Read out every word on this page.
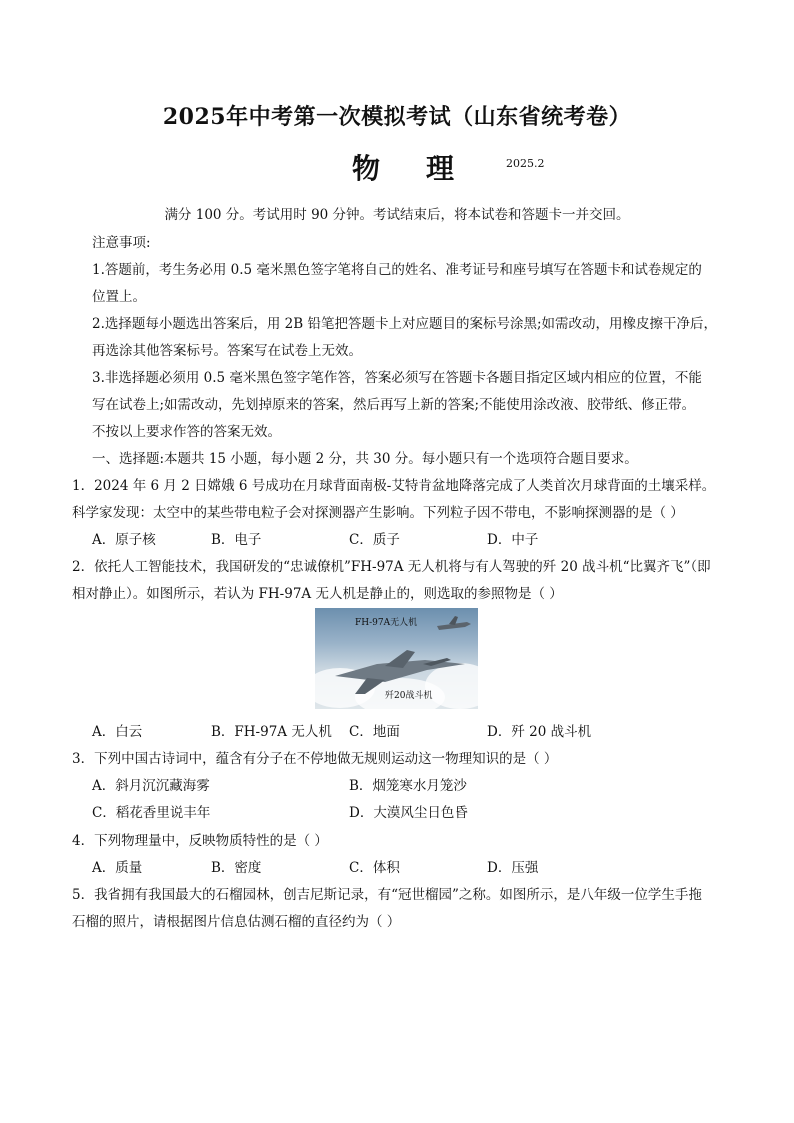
2025年中考第一次模拟考试（山东省统考卷）
物理 2025.2
满分 100 分。考试用时 90 分钟。考试结束后，将本试卷和答题卡一并交回。
注意事项:
1.答题前，考生务必用 0.5 毫米黑色签字笔将自己的姓名、准考证号和座号填写在答题卡和试卷规定的
位置上。
2.选择题每小题选出答案后，用 2B 铅笔把答题卡上对应题目的案标号涂黑;如需改动，用橡皮擦干净后，
再选涂其他答案标号。答案写在试卷上无效。
3.非选择题必须用 0.5 毫米黑色签字笔作答，答案必须写在答题卡各题目指定区域内相应的位置，不能
写在试卷上;如需改动，先划掉原来的答案，然后再写上新的答案;不能使用涂改液、胶带纸、修正带。
不按以上要求作答的答案无效。
一、选择题:本题共 15 小题，每小题 2 分，共 30 分。每小题只有一个选项符合题目要求。
1．2024 年 6 月 2 日嫦娥 6 号成功在月球背面南极-艾特肯盆地降落完成了人类首次月球背面的土壤采样。
科学家发现：太空中的某些带电粒子会对探测器产生影响。下列粒子因不带电，不影响探测器的是（ ）
A．原子核	B．电子	C．质子	D．中子
2．依托人工智能技术，我国研发的“忠诚僚机”FH-97A 无人机将与有人驾驶的歼 20 战斗机“比翼齐飞”（即
相对静止）。如图所示，若认为 FH-97A 无人机是静止的，则选取的参照物是（ ）
FH-97A无人机
歼20战斗机
A．白云	B．FH-97A 无人机 C．地面	D．歼 20 战斗机
3．下列中国古诗词中，蕴含有分子在不停地做无规则运动这一物理知识的是（ ）
A．斜月沉沉藏海雾	B．烟笼寒水月笼沙
C．稻花香里说丰年	D．大漠风尘日色昏
4．下列物理量中，反映物质特性的是（ ）
A．质量	B．密度	C．体积	D．压强
5．我省拥有我国最大的石榴园林，创吉尼斯记录，有“冠世榴园”之称。如图所示，是八年级一位学生手拖
石榴的照片，请根据图片信息估测石榴的直径约为（ ）
